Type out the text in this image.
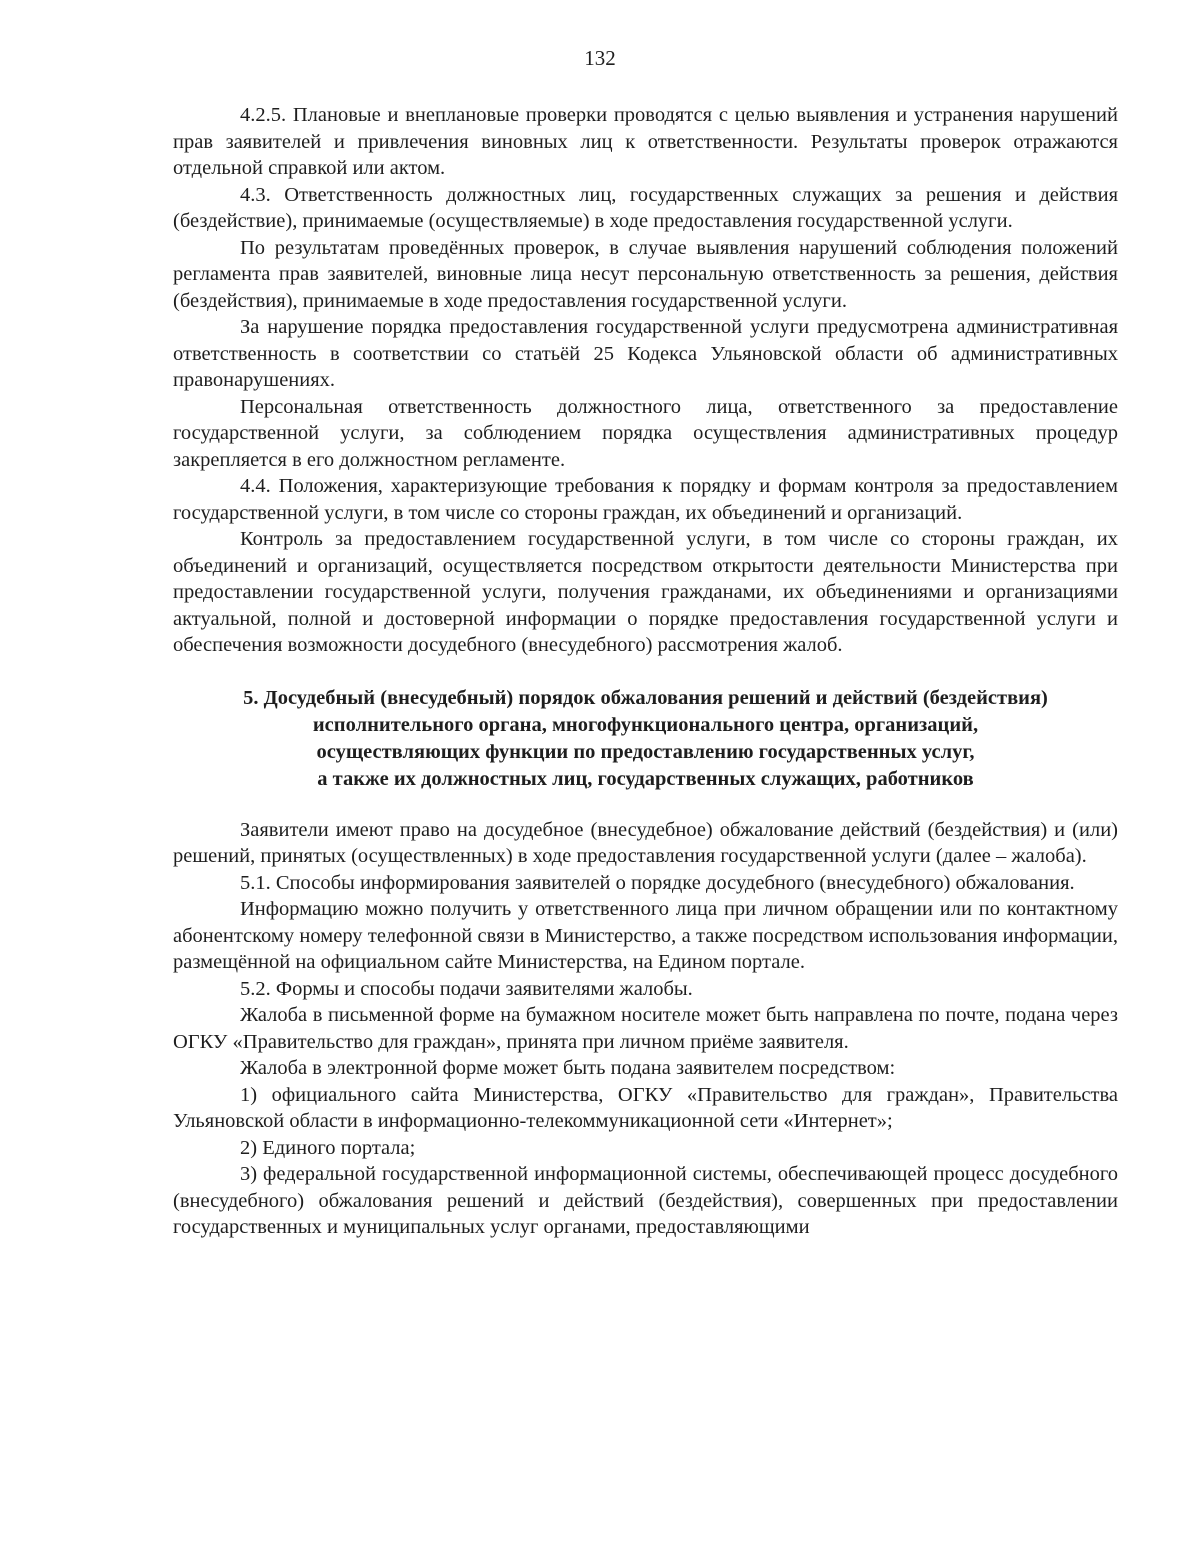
132

4.2.5. Плановые и внеплановые проверки проводятся с целью выявления и устранения нарушений прав заявителей и привлечения виновных лиц к ответственности. Результаты проверок отражаются отдельной справкой или актом.

4.3. Ответственность должностных лиц, государственных служащих за решения и действия (бездействие), принимаемые (осуществляемые) в ходе предоставления государственной услуги.

По результатам проведённых проверок, в случае выявления нарушений соблюдения положений регламента прав заявителей, виновные лица несут персональную ответственность за решения, действия (бездействия), принимаемые в ходе предоставления государственной услуги.

За нарушение порядка предоставления государственной услуги предусмотрена административная ответственность в соответствии со статьёй 25 Кодекса Ульяновской области об административных правонарушениях.

Персональная ответственность должностного лица, ответственного за предоставление государственной услуги, за соблюдением порядка осуществления административных процедур закрепляется в его должностном регламенте.

4.4. Положения, характеризующие требования к порядку и формам контроля за предоставлением государственной услуги, в том числе со стороны граждан, их объединений и организаций.

Контроль за предоставлением государственной услуги, в том числе со стороны граждан, их объединений и организаций, осуществляется посредством открытости деятельности Министерства при предоставлении государственной услуги, получения гражданами, их объединениями и организациями актуальной, полной и достоверной информации о порядке предоставления государственной услуги и обеспечения возможности досудебного (внесудебного) рассмотрения жалоб.

5. Досудебный (внесудебный) порядок обжалования решений и действий (бездействия)
исполнительного органа, многофункционального центра, организаций,
осуществляющих функции по предоставлению государственных услуг,
а также их должностных лиц, государственных служащих, работников

Заявители имеют право на досудебное (внесудебное) обжалование действий (бездействия) и (или) решений, принятых (осуществленных) в ходе предоставления государственной услуги (далее – жалоба).

5.1. Способы информирования заявителей о порядке досудебного (внесудебного) обжалования.

Информацию можно получить у ответственного лица при личном обращении или по контактному абонентскому номеру телефонной связи в Министерство, а также посредством использования информации, размещённой на официальном сайте Министерства, на Едином портале.

5.2. Формы и способы подачи заявителями жалобы.

Жалоба в письменной форме на бумажном носителе может быть направлена по почте, подана через ОГКУ «Правительство для граждан», принята при личном приёме заявителя.

Жалоба в электронной форме может быть подана заявителем посредством:

1) официального сайта Министерства, ОГКУ «Правительство для граждан», Правительства Ульяновской области в информационно-телекоммуникационной сети «Интернет»;

2) Единого портала;

3) федеральной государственной информационной системы, обеспечивающей процесс досудебного (внесудебного) обжалования решений и действий (бездействия), совершенных при предоставлении государственных и муниципальных услуг органами, предоставляющими
